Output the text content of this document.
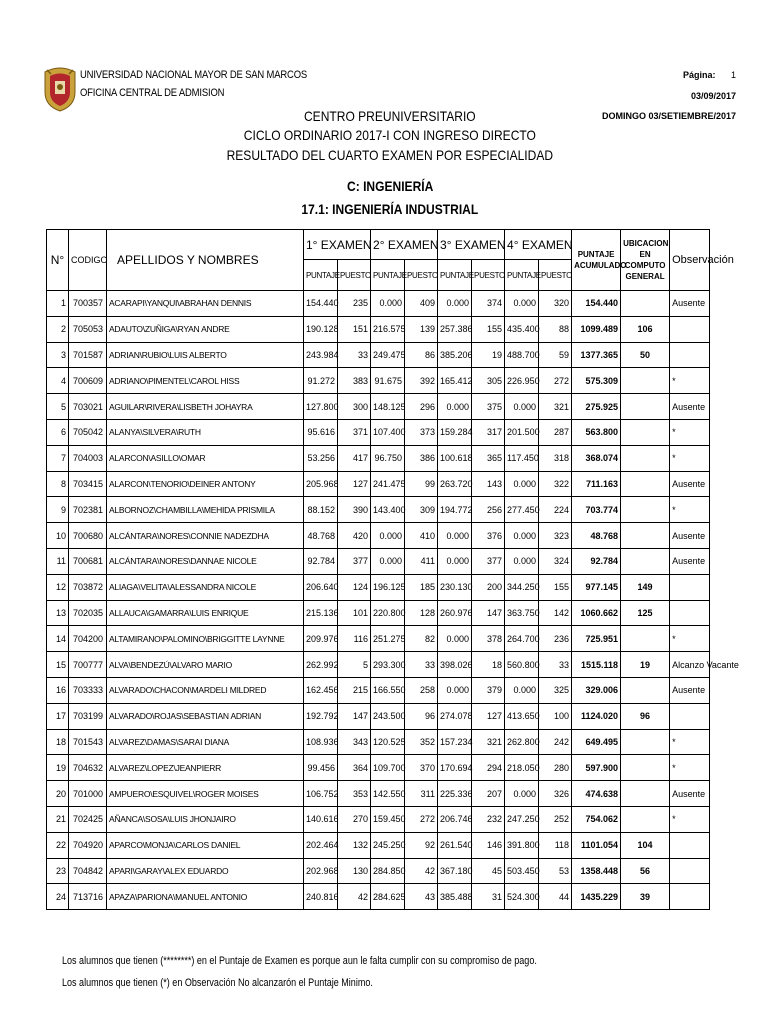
UNIVERSIDAD NACIONAL MAYOR DE SAN MARCOS
OFICINA CENTRAL DE ADMISION
Página: 1
03/09/2017
DOMINGO 03/SETIEMBRE/2017
CENTRO PREUNIVERSITARIO
CICLO ORDINARIO 2017-I CON INGRESO DIRECTO
RESULTADO DEL CUARTO EXAMEN POR ESPECIALIDAD
C: INGENIERÍA
17.1: INGENIERÍA INDUSTRIAL
N°	CODIGO	APELLIDOS Y NOMBRES	1° EXAMEN		2° EXAMEN		3° EXAMEN		4° EXAMEN		PUNTAJE ACUMULADO	UBICACION EN COMPUTO GENERAL	Observación
			PUNTAJE	PUESTO	PUNTAJE	PUESTO	PUNTAJE	PUESTO	PUNTAJE	PUESTO			
1	700357	ACARAPI\YANQUI\ABRAHAN DENNIS	154.440	235	0.000	409	0.000	374	0.000	320	154.440		Ausente
2	705053	ADAUTO\ZUÑIGA\RYAN ANDRE	190.128	151	216.575	139	257.386	155	435.400	88	1099.489	106	
3	701587	ADRIAN\RUBIO\LUIS ALBERTO	243.984	33	249.475	86	385.206	19	488.700	59	1377.365	50	
4	700609	ADRIANO\PIMENTEL\CAROL HISS	91.272	383	91.675	392	165.412	305	226.950	272	575.309		*
5	703021	AGUILAR\RIVERA\LISBETH JOHAYRA	127.800	300	148.125	296	0.000	375	0.000	321	275.925		Ausente
6	705042	ALANYA\SILVERA\RUTH	95.616	371	107.400	373	159.284	317	201.500	287	563.800		*
7	704003	ALARCON\ASILLO\OMAR	53.256	417	96.750	386	100.618	365	117.450	318	368.074		*
8	703415	ALARCON\TENORIO\DEINER ANTONY	205.968	127	241.475	99	263.720	143	0.000	322	711.163		Ausente
9	702381	ALBORNOZ\CHAMBILLA\MEHIDA PRISMILA	88.152	390	143.400	309	194.772	256	277.450	224	703.774		*
10	700680	ALCÁNTARA\NORES\CONNIE NADEZDHA	48.768	420	0.000	410	0.000	376	0.000	323	48.768		Ausente
11	700681	ALCÁNTARA\NORES\DANNAE NICOLE	92.784	377	0.000	411	0.000	377	0.000	324	92.784		Ausente
12	703872	ALIAGA\VELITA\ALESSANDRA NICOLE	206.640	124	196.125	185	230.130	200	344.250	155	977.145	149	
13	702035	ALLAUCA\GAMARRA\LUIS ENRIQUE	215.136	101	220.800	128	260.976	147	363.750	142	1060.662	125	
14	704200	ALTAMIRANO\PALOMINO\BRIGGITTE LAYNNE	209.976	116	251.275	82	0.000	378	264.700	236	725.951		*
15	700777	ALVA\BENDEZÚ\ALVARO MARIO	262.992	5	293.300	33	398.026	18	560.800	33	1515.118	19	Alcanzo Vacante
16	703333	ALVARADO\CHACON\MARDELI MILDRED	162.456	215	166.550	258	0.000	379	0.000	325	329.006		Ausente
17	703199	ALVARADO\ROJAS\SEBASTIAN ADRIAN	192.792	147	243.500	96	274.078	127	413.650	100	1124.020	96	
18	701543	ALVAREZ\DAMAS\SARAI DIANA	108.936	343	120.525	352	157.234	321	262.800	242	649.495		*
19	704632	ALVAREZ\LOPEZ\JEANPIERR	99.456	364	109.700	370	170.694	294	218.050	280	597.900		*
20	701000	AMPUERO\ESQUIVEL\ROGER MOISES	106.752	353	142.550	311	225.336	207	0.000	326	474.638		Ausente
21	702425	AÑANCA\SOSA\LUIS JHONJAIRO	140.616	270	159.450	272	206.746	232	247.250	252	754.062		*
22	704920	APARCO\MONJA\CARLOS DANIEL	202.464	132	245.250	92	261.540	146	391.800	118	1101.054	104	
23	704842	APARI\GARAY\ALEX EDUARDO	202.968	130	284.850	42	367.180	45	503.450	53	1358.448	56	
24	713716	APAZA\PARIONA\MANUEL ANTONIO	240.816	42	284.625	43	385.488	31	524.300	44	1435.229	39	
Los alumnos que tienen (********) en el Puntaje de Examen es porque aun le falta cumplir con su compromiso de pago.
Los alumnos que tienen (*) en Observación No alcanzarón el Puntaje Minimo.
